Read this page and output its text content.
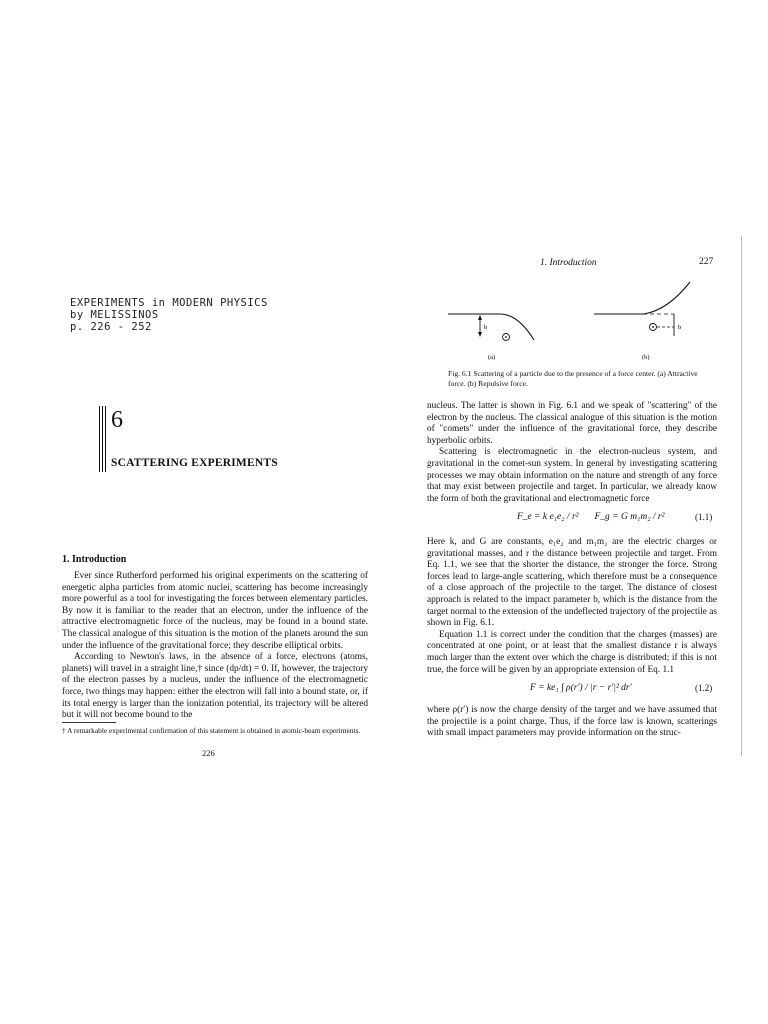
EXPERIMENTS in MODERN PHYSICS
by MELISSINOS
p. 226 - 252
6
SCATTERING EXPERIMENTS
1. Introduction

Ever since Rutherford performed his original experiments on the scattering of energetic alpha particles from atomic nuclei, scattering has become increasingly more powerful as a tool for investigating the forces between elementary particles. By now it is familiar to the reader that an electron, under the influence of the attractive electromagnetic force of the nucleus, may be found in a bound state. The classical analogue of this situation is the motion of the planets around the sun under the influence of the gravitational force; they describe elliptical orbits.

According to Newton's laws, in the absence of a force, electrons (atoms, planets) will travel in a straight line,† since (dp/dt) = 0. If, however, the trajectory of the electron passes by a nucleus, under the influence of the electromagnetic force, two things may happen: either the electron will fall into a bound state, or, if its total energy is larger than the ionization potential, its trajectory will be altered but it will not become bound to the

† A remarkable experimental confirmation of this statement is obtained in atomic-beam experiments.
226
1. Introduction	227
b	b
(a)	(b)
Fig. 6.1 Scattering of a particle due to the presence of a force center. (a) Attractive force. (b) Repulsive force.

nucleus. The latter is shown in Fig. 6.1 and we speak of "scattering" of the electron by the nucleus. The classical analogue of this situation is the motion of "comets" under the influence of the gravitational force, they describe hyperbolic orbits.

Scattering is electromagnetic in the electron-nucleus system, and gravitational in the comet-sun system. In general by investigating scattering processes we may obtain information on the nature and strength of any force that may exist between projectile and target. In particular, we already know the form of both the gravitational and electromagnetic force

F_e = k e₁e₂ / r² F_g = G m₁m₂ / r²	(1.1)

Here k, and G are constants, e₁e₂ and m₁m₂ are the electric charges or gravitational masses, and r the distance between projectile and target. From Eq. 1.1, we see that the shorter the distance, the stronger the force. Strong forces lead to large-angle scattering, which therefore must be a consequence of a close approach of the projectile to the target. The distance of closest approach is related to the impact parameter b, which is the distance from the target normal to the extension of the undeflected trajectory of the projectile as shown in Fig. 6.1.

Equation 1.1 is correct under the condition that the charges (masses) are concentrated at one point, or at least that the smallest distance r is always much larger than the extent over which the charge is distributed; if this is not true, the force will be given by an appropriate extension of Eq. 1.1

F = ke₁ ∫ ρ(r′) / |r − r′|² dr′	(1.2)

where ρ(r′) is now the charge density of the target and we have assumed that the projectile is a point charge. Thus, if the force law is known, scatterings with small impact parameters may provide information on the struc-
